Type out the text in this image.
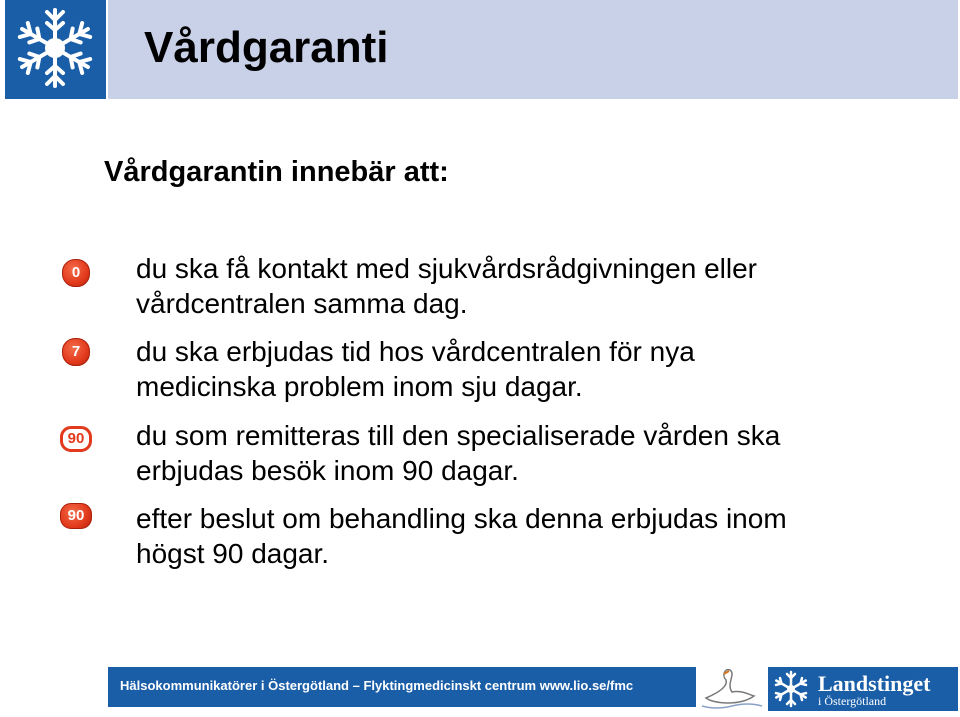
Vårdgaranti
Vårdgarantin innebär att:
0	du ska få kontakt med sjukvårdsrådgivningen eller
vårdcentralen samma dag.
7	du ska erbjudas tid hos vårdcentralen för nya
medicinska problem inom sju dagar.
90 du som remitteras till den specialiserade vården ska
erbjudas besök inom 90 dagar.
90 efter beslut om behandling ska denna erbjudas inom
högst 90 dagar.
Hälsokommunikatörer i Östergötland – Flyktingmedicinskt centrum www.lio.se/fmc	Landstinget
i Östergötland
